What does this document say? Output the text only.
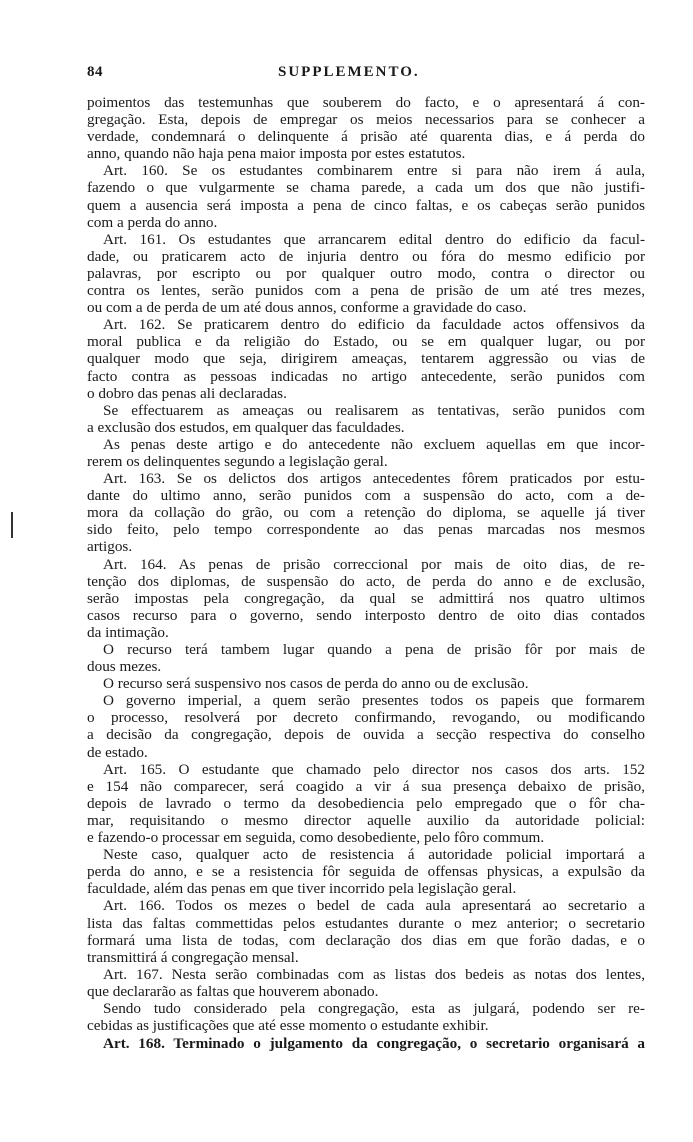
84	SUPPLEMENTO.
poimentos das testemunhas que souberem do facto, e o apresentará á con-
gregação. Esta, depois de empregar os meios necessarios para se conhecer a
verdade, condemnará o delinquente á prisão até quarenta dias, e á perda do
anno, quando não haja pena maior imposta por estes estatutos.
Art. 160. Se os estudantes combinarem entre si para não irem á aula,
fazendo o que vulgarmente se chama parede, a cada um dos que não justifi-
quem a ausencia será imposta a pena de cinco faltas, e os cabeças serão punidos
com a perda do anno.
Art. 161. Os estudantes que arrancarem edital dentro do edificio da facul-
dade, ou praticarem acto de injuria dentro ou fóra do mesmo edificio por
palavras, por escripto ou por qualquer outro modo, contra o director ou
contra os lentes, serão punidos com a pena de prisão de um até tres mezes,
ou com a de perda de um até dous annos, conforme a gravidade do caso.
Art. 162. Se praticarem dentro do edificio da faculdade actos offensivos da
moral publica e da religião do Estado, ou se em qualquer lugar, ou por
qualquer modo que seja, dirigirem ameaças, tentarem aggressão ou vias de
facto contra as pessoas indicadas no artigo antecedente, serão punidos com
o dobro das penas ali declaradas.
Se effectuarem as ameaças ou realisarem as tentativas, serão punidos com
a exclusão dos estudos, em qualquer das faculdades.
As penas deste artigo e do antecedente não excluem aquellas em que incor-
rerem os delinquentes segundo a legislação geral.
Art. 163. Se os delictos dos artigos antecedentes fôrem praticados por estu-
dante do ultimo anno, serão punidos com a suspensão do acto, com a de-
mora da collação do grão, ou com a retenção do diploma, se aquelle já tiver
sido feito, pelo tempo correspondente ao das penas marcadas nos mesmos
artigos.
Art. 164. As penas de prisão correccional por mais de oito dias, de re-
tenção dos diplomas, de suspensão do acto, de perda do anno e de exclusão,
serão impostas pela congregação, da qual se admittirá nos quatro ultimos
casos recurso para o governo, sendo interposto dentro de oito dias contados
da intimação.
O recurso terá tambem lugar quando a pena de prisão fôr por mais de
dous mezes.
O recurso será suspensivo nos casos de perda do anno ou de exclusão.
O governo imperial, a quem serão presentes todos os papeis que formarem
o processo, resolverá por decreto confirmando, revogando, ou modificando
a decisão da congregação, depois de ouvida a secção respectiva do conselho
de estado.
Art. 165. O estudante que chamado pelo director nos casos dos arts. 152
e 154 não comparecer, será coagido a vir á sua presença debaixo de prisão,
depois de lavrado o termo da desobediencia pelo empregado que o fôr cha-
mar, requisitando o mesmo director aquelle auxilio da autoridade policial:
e fazendo-o processar em seguida, como desobediente, pelo fôro commum.
Neste caso, qualquer acto de resistencia á autoridade policial importará a
perda do anno, e se a resistencia fôr seguida de offensas physicas, a expulsão da
faculdade, além das penas em que tiver incorrido pela legislação geral.
Art. 166. Todos os mezes o bedel de cada aula apresentará ao secretario a
lista das faltas commettidas pelos estudantes durante o mez anterior; o secretario
formará uma lista de todas, com declaração dos dias em que forão dadas, e o
transmittirá á congregação mensal.
Art. 167. Nesta serão combinadas com as listas dos bedeis as notas dos lentes,
que declararão as faltas que houverem abonado.
Sendo tudo considerado pela congregação, esta as julgará, podendo ser re-
cebidas as justificações que até esse momento o estudante exhibir.
Art. 168. Terminado o julgamento da congregação, o secretario organisará a
